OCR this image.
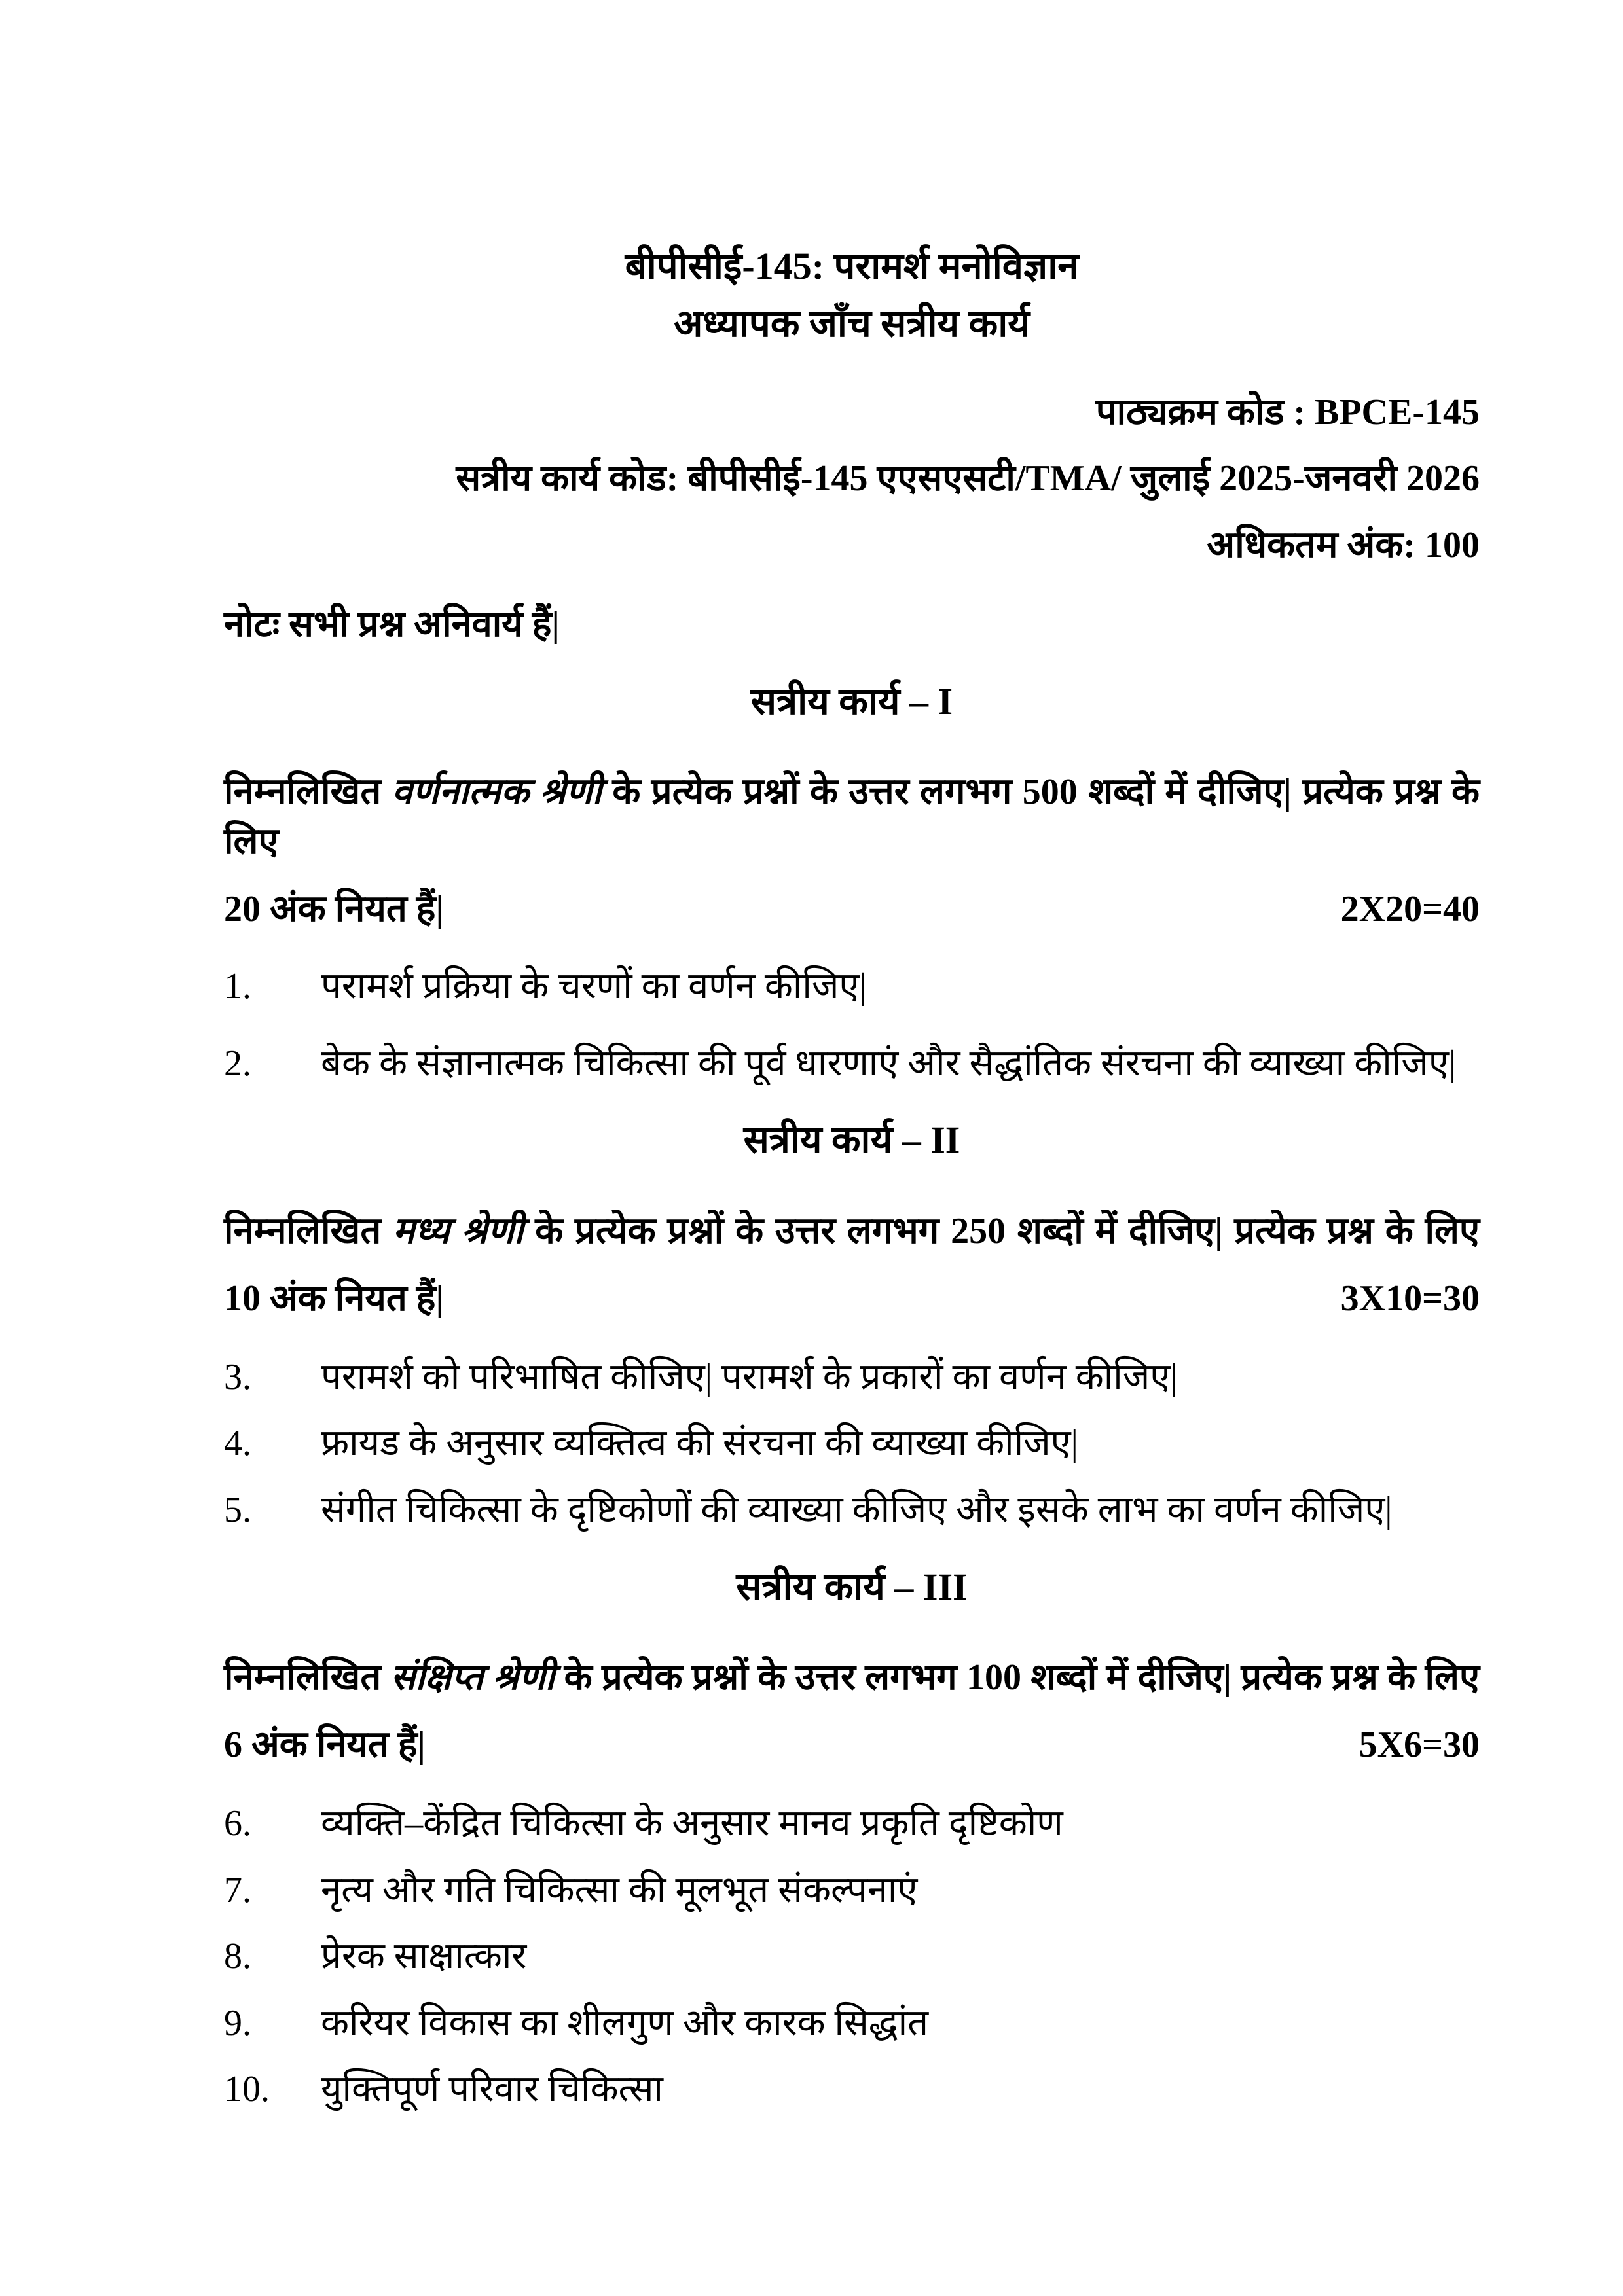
बीपीसीई-145: परामर्श मनोविज्ञान
अध्यापक जाँच सत्रीय कार्य
पाठ्यक्रम कोड : BPCE-145
सत्रीय कार्य कोड: बीपीसीई-145 एएसएसटी/TMA/ जुलाई 2025-जनवरी 2026
अधिकतम अंक: 100
नोटः सभी प्रश्न अनिवार्य हैं|
सत्रीय कार्य – I
निम्नलिखित वर्णनात्मक श्रेणी के प्रत्येक प्रश्नों के उत्तर लगभग 500 शब्दों में दीजिए| प्रत्येक प्रश्न के लिए
20 अंक नियत हैं|	2X20=40
1.	परामर्श प्रक्रिया के चरणों का वर्णन कीजिए|
2.	बेक के संज्ञानात्मक चिकित्सा की पूर्व धारणाएं और सैद्धांतिक संरचना की व्याख्या कीजिए|
सत्रीय कार्य – II
निम्नलिखित मध्य श्रेणी के प्रत्येक प्रश्नों के उत्तर लगभग 250 शब्दों में दीजिए| प्रत्येक प्रश्न के लिए
10 अंक नियत हैं|	3X10=30
3.	परामर्श को परिभाषित कीजिए| परामर्श के प्रकारों का वर्णन कीजिए|
4.	फ्रायड के अनुसार व्यक्तित्व की संरचना की व्याख्या कीजिए|
5.	संगीत चिकित्सा के दृष्टिकोणों की व्याख्या कीजिए और इसके लाभ का वर्णन कीजिए|
सत्रीय कार्य – III
निम्नलिखित संक्षिप्त श्रेणी के प्रत्येक प्रश्नों के उत्तर लगभग 100 शब्दों में दीजिए| प्रत्येक प्रश्न के लिए
6 अंक नियत हैं|	5X6=30
6.	व्यक्ति–केंद्रित चिकित्सा के अनुसार मानव प्रकृति दृष्टिकोण
7.	नृत्य और गति चिकित्सा की मूलभूत संकल्पनाएं
8.	प्रेरक साक्षात्कार
9.	करियर विकास का शीलगुण और कारक सिद्धांत
10.	युक्तिपूर्ण परिवार चिकित्सा
